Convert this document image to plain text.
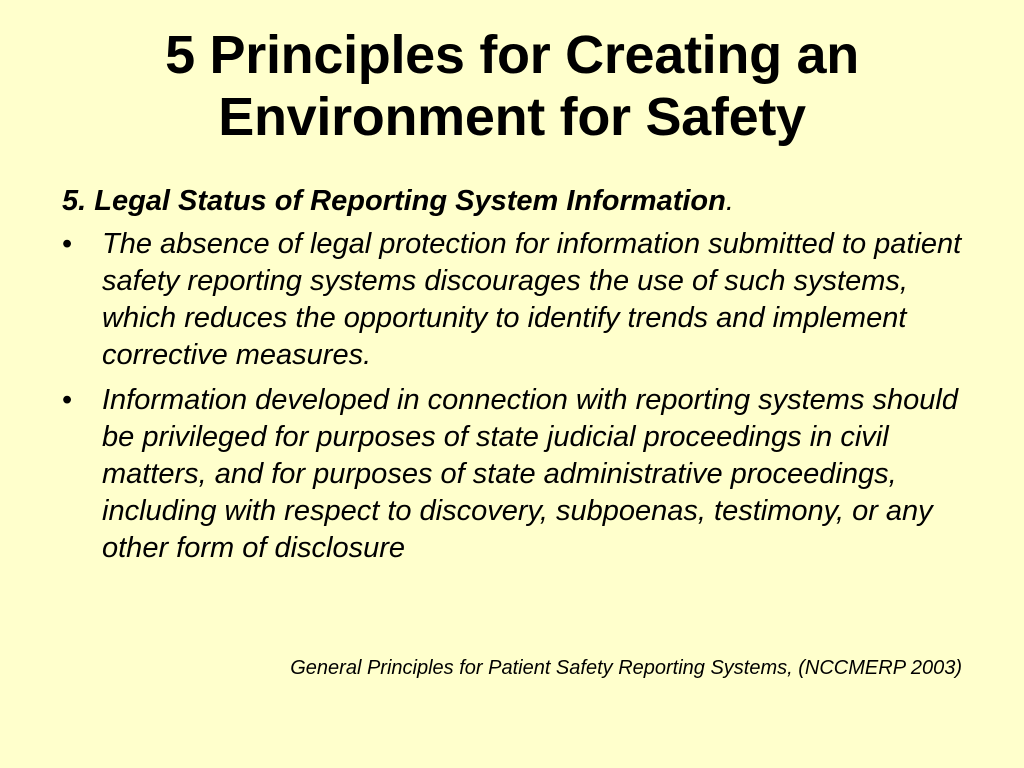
5 Principles for Creating an
Environment for Safety

5. Legal Status of Reporting System Information.

• The absence of legal protection for information submitted to patient safety reporting systems discourages the use of such systems, which reduces the opportunity to identify trends and implement corrective measures.
• Information developed in connection with reporting systems should be privileged for purposes of state judicial proceedings in civil matters, and for purposes of state administrative proceedings, including with respect to discovery, subpoenas, testimony, or any other form of disclosure
General Principles for Patient Safety Reporting Systems, (NCCMERP 2003)
